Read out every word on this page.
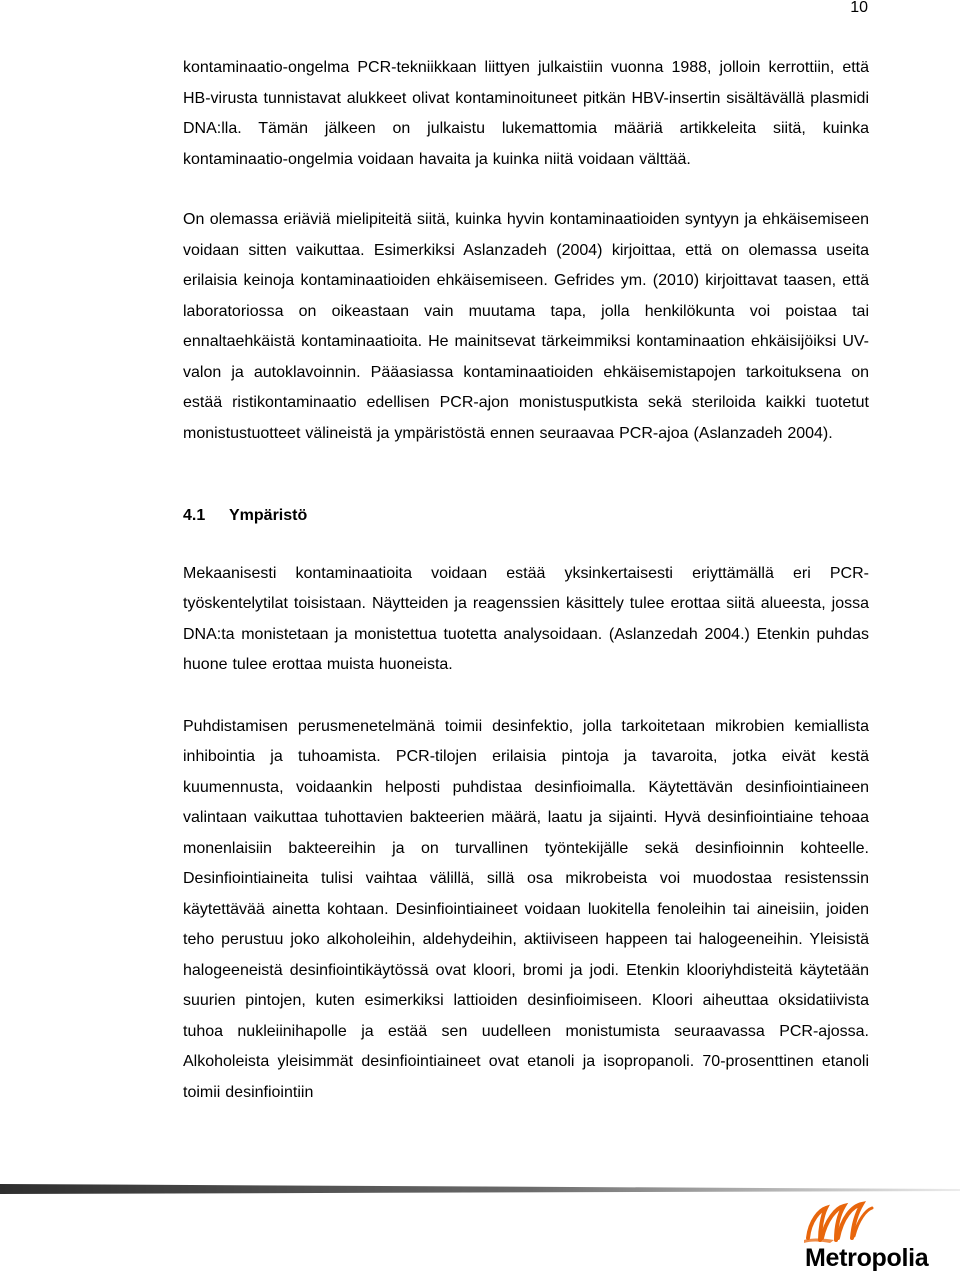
10

kontaminaatio-ongelma PCR-tekniikkaan liittyen julkaistiin vuonna 1988, jolloin kerrottiin, että HB-virusta tunnistavat alukkeet olivat kontaminoituneet pitkän HBV-insertin sisältävällä plasmidi DNA:lla. Tämän jälkeen on julkaistu lukemattomia määriä artikkeleita siitä, kuinka kontaminaatio-ongelmia voidaan havaita ja kuinka niitä voidaan välttää.

On olemassa eriäviä mielipiteitä siitä, kuinka hyvin kontaminaatioiden syntyyn ja ehkäisemiseen voidaan sitten vaikuttaa. Esimerkiksi Aslanzadeh (2004) kirjoittaa, että on olemassa useita erilaisia keinoja kontaminaatioiden ehkäisemiseen. Gefrides ym. (2010) kirjoittavat taasen, että laboratoriossa on oikeastaan vain muutama tapa, jolla henkilökunta voi poistaa tai ennaltaehkäistä kontaminaatioita. He mainitsevat tärkeimmiksi kontaminaation ehkäisijöiksi UV-valon ja autoklavoinnin. Pääasiassa kontaminaatioiden ehkäisemistapojen tarkoituksena on estää ristikontaminaatio edellisen PCR-ajon monistusputkista sekä steriloida kaikki tuotetut monistustuotteet välineistä ja ympäristöstä ennen seuraavaa PCR-ajoa (Aslanzadeh 2004).

4.1 Ympäristö

Mekaanisesti kontaminaatioita voidaan estää yksinkertaisesti eriyttämällä eri PCR-työskentelytilat toisistaan. Näytteiden ja reagenssien käsittely tulee erottaa siitä alueesta, jossa DNA:ta monistetaan ja monistettua tuotetta analysoidaan. (Aslanzedah 2004.) Etenkin puhdas huone tulee erottaa muista huoneista.

Puhdistamisen perusmenetelmänä toimii desinfektio, jolla tarkoitetaan mikrobien kemiallista inhibointia ja tuhoamista. PCR-tilojen erilaisia pintoja ja tavaroita, jotka eivät kestä kuumennusta, voidaankin helposti puhdistaa desinfioimalla. Käytettävän desinfiointiaineen valintaan vaikuttaa tuhottavien bakteerien määrä, laatu ja sijainti. Hyvä desinfiointiaine tehoaa monenlaisiin bakteereihin ja on turvallinen työntekijälle sekä desinfioinnin kohteelle. Desinfiointiaineita tulisi vaihtaa välillä, sillä osa mikrobeista voi muodostaa resistenssin käytettävää ainetta kohtaan. Desinfiointiaineet voidaan luokitella fenoleihin tai aineisiin, joiden teho perustuu joko alkoholeihin, aldehydeihin, aktiiviseen happeen tai halogeeneihin. Yleisistä halogeeneistä desinfiointikäytössä ovat kloori, bromi ja jodi. Etenkin klooriyhdisteitä käytetään suurien pintojen, kuten esimerkiksi lattioiden desinfioimiseen. Kloori aiheuttaa oksidatiivista tuhoa nukleiinihapolle ja estää sen uudelleen monistumista seuraavassa PCR-ajossa. Alkoholeista yleisimmät desinfiointiaineet ovat etanoli ja isopropanoli. 70-prosenttinen etanoli toimii desinfiointiin

Metropolia
